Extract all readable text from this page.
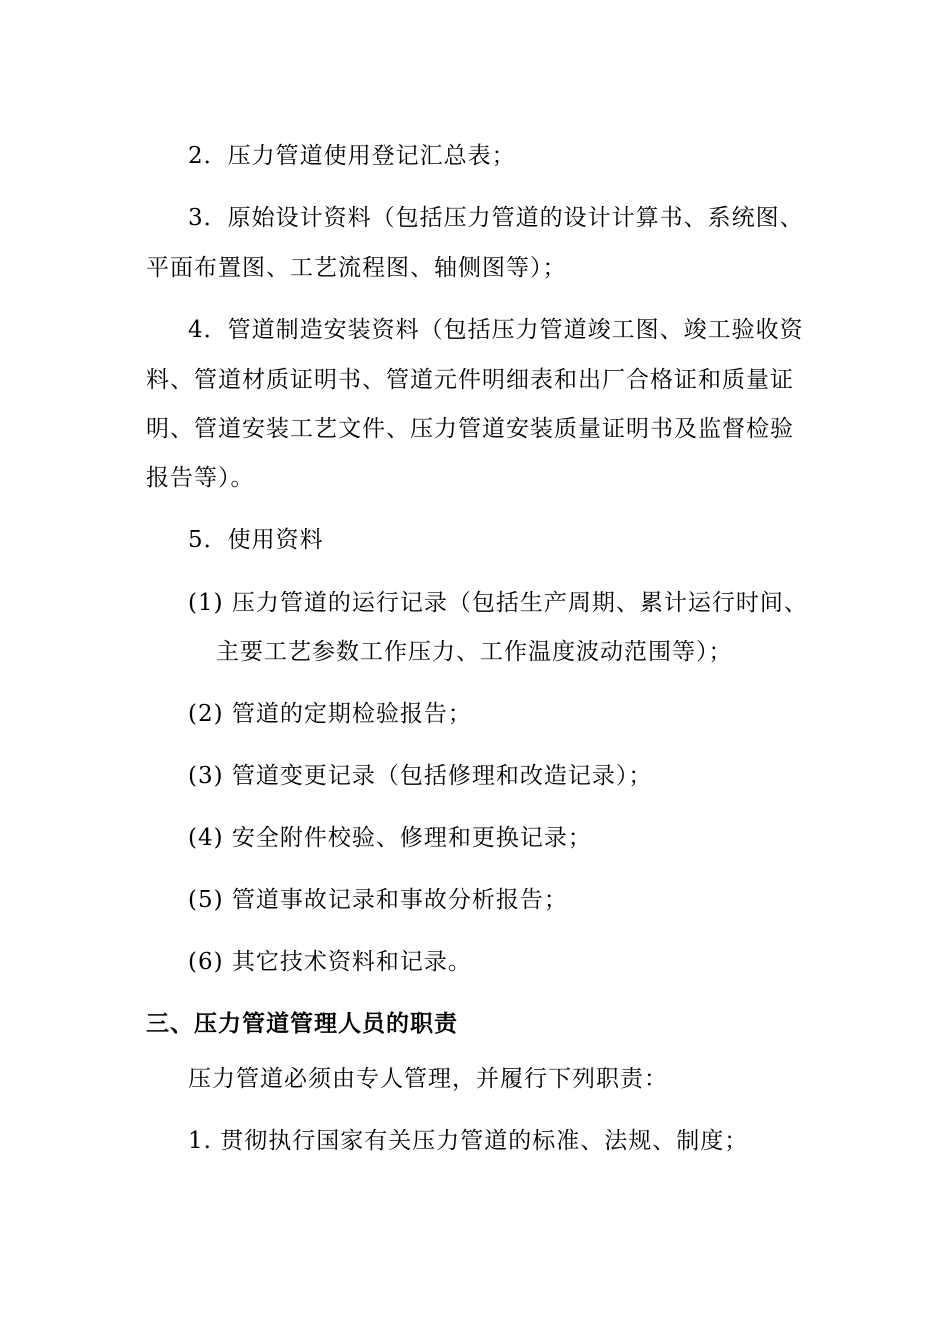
2．压力管道使用登记汇总表；
3．原始设计资料（包括压力管道的设计计算书、系统图、
平面布置图、工艺流程图、轴侧图等）；
4．管道制造安装资料（包括压力管道竣工图、竣工验收资
料、管道材质证明书、管道元件明细表和出厂合格证和质量证
明、管道安装工艺文件、压力管道安装质量证明书及监督检验
报告等）。
5．使用资料
(1) 压力管道的运行记录（包括生产周期、累计运行时间、
主要工艺参数工作压力、工作温度波动范围等）；
(2) 管道的定期检验报告；
(3) 管道变更记录（包括修理和改造记录）；
(4) 安全附件校验、修理和更换记录；
(5) 管道事故记录和事故分析报告；
(6) 其它技术资料和记录。
三、压力管道管理人员的职责
压力管道必须由专人管理，并履行下列职责：
1. 贯彻执行国家有关压力管道的标准、法规、制度；
